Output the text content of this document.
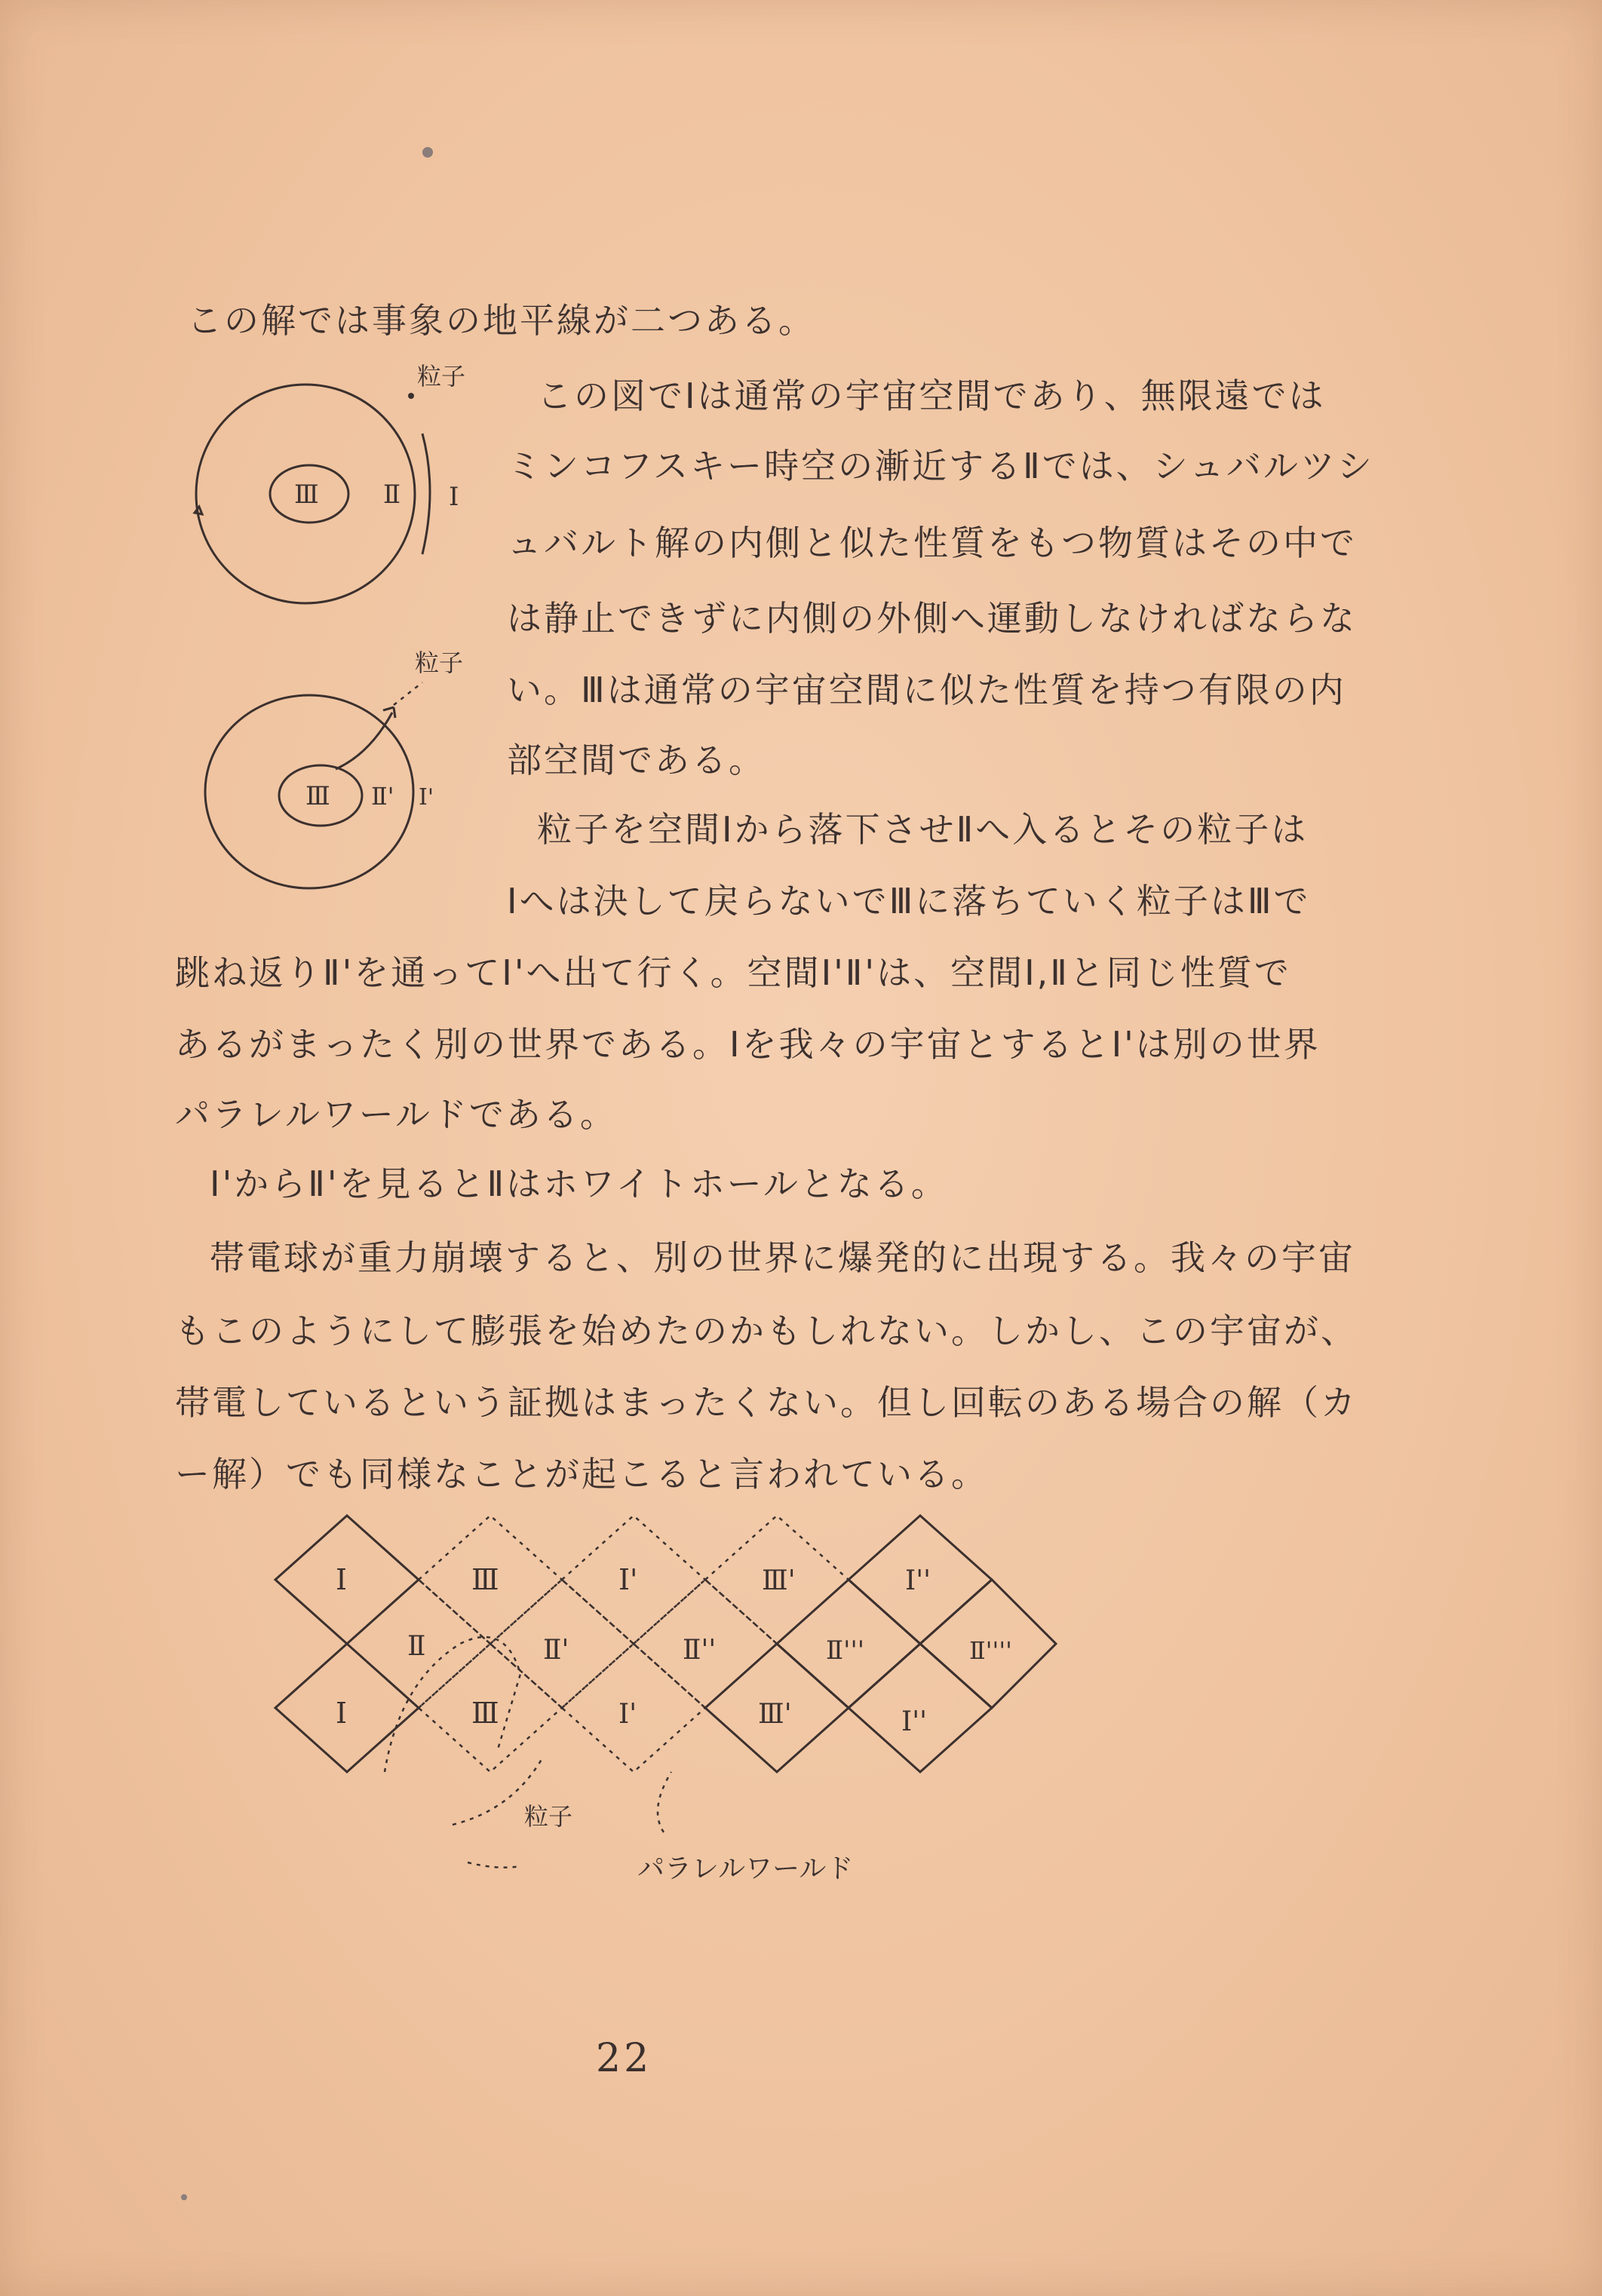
この解では事象の地平線が二つある。
粒子
Ⅲ	Ⅱ Ⅰ
粒子
Ⅲ Ⅱ' Ⅰ'
この図でⅠは通常の宇宙空間であり、無限遠では
ミンコフスキー時空の漸近するⅡでは、シュバルツシ
ュバルト解の内側と似た性質をもつ物質はその中で
は静止できずに内側の外側へ運動しなければならな
い。Ⅲは通常の宇宙空間に似た性質を持つ有限の内
部空間である。
粒子を空間Ⅰから落下させⅡへ入るとその粒子は
Ⅰへは決して戻らないでⅢに落ちていく粒子はⅢで
跳ね返りⅡ'を通ってⅠ'へ出て行く。空間Ⅰ'Ⅱ'は、空間Ⅰ,Ⅱと同じ性質で
あるがまったく別の世界である。Ⅰを我々の宇宙とするとⅠ'は別の世界
パラレルワールドである。
Ⅰ'からⅡ'を見るとⅡはホワイトホールとなる。
帯電球が重力崩壊すると、別の世界に爆発的に出現する。我々の宇宙
もこのようにして膨張を始めたのかもしれない。しかし、この宇宙が、
帯電しているという証拠はまったくない。但し回転のある場合の解（カ
ー解）でも同様なことが起こると言われている。
Ⅰ	Ⅲ	Ⅰ'	Ⅲ'	Ⅰ''
Ⅱ	Ⅱ'	Ⅱ''	Ⅱ'''	Ⅱ''''
Ⅰ	Ⅲ	Ⅰ'	Ⅲ'	Ⅰ''
粒子
パラレルワールド
22
